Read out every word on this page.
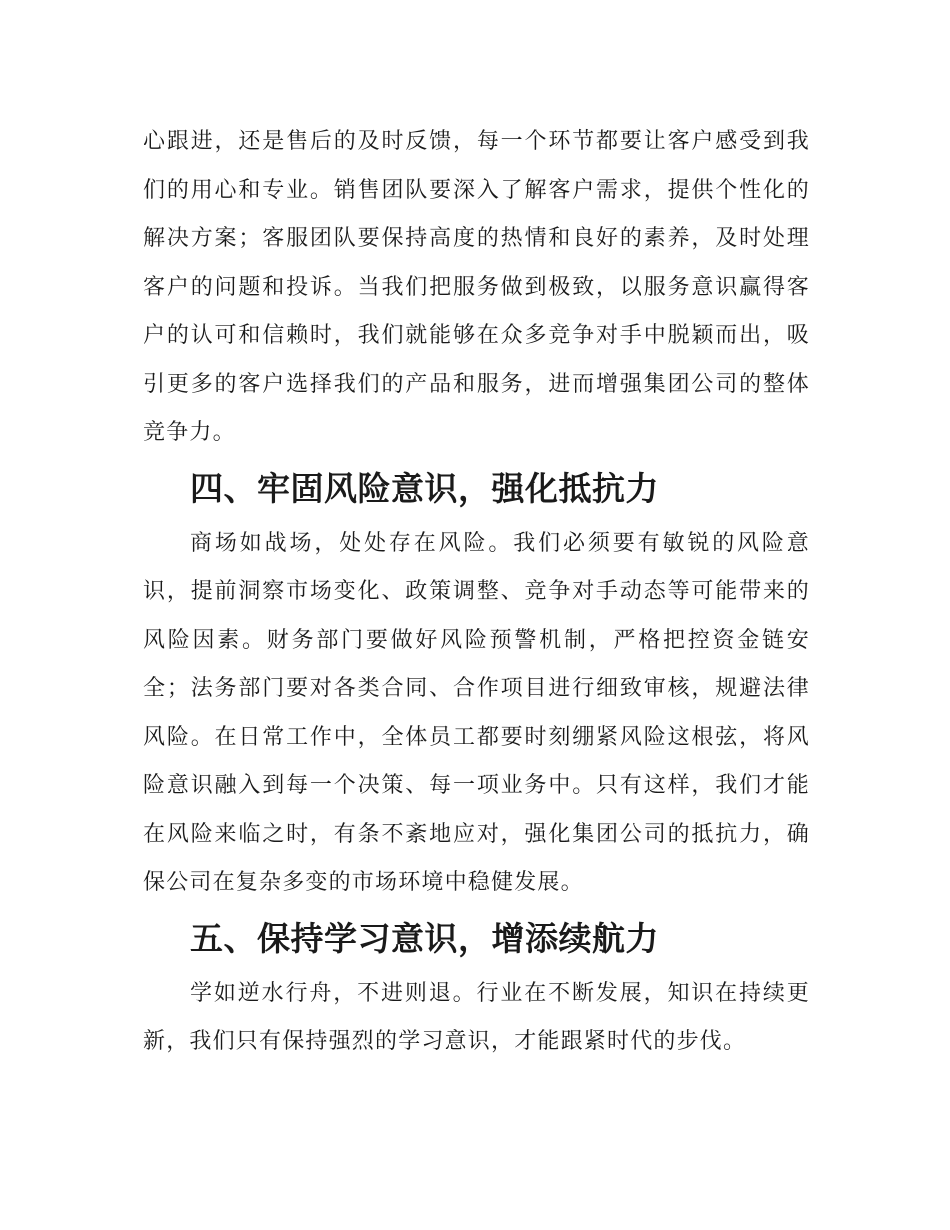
心跟进，还是售后的及时反馈，每一个环节都要让客户感受到我们的用心和专业。销售团队要深入了解客户需求，提供个性化的解决方案；客服团队要保持高度的热情和良好的素养，及时处理客户的问题和投诉。当我们把服务做到极致，以服务意识赢得客户的认可和信赖时，我们就能够在众多竞争对手中脱颖而出，吸引更多的客户选择我们的产品和服务，进而增强集团公司的整体竞争力。

四、牢固风险意识，强化抵抗力

商场如战场，处处存在风险。我们必须要有敏锐的风险意识，提前洞察市场变化、政策调整、竞争对手动态等可能带来的风险因素。财务部门要做好风险预警机制，严格把控资金链安全；法务部门要对各类合同、合作项目进行细致审核，规避法律风险。在日常工作中，全体员工都要时刻绷紧风险这根弦，将风险意识融入到每一个决策、每一项业务中。只有这样，我们才能在风险来临之时，有条不紊地应对，强化集团公司的抵抗力，确保公司在复杂多变的市场环境中稳健发展。

五、保持学习意识，增添续航力

学如逆水行舟，不进则退。行业在不断发展，知识在持续更新，我们只有保持强烈的学习意识，才能跟紧时代的步伐。
